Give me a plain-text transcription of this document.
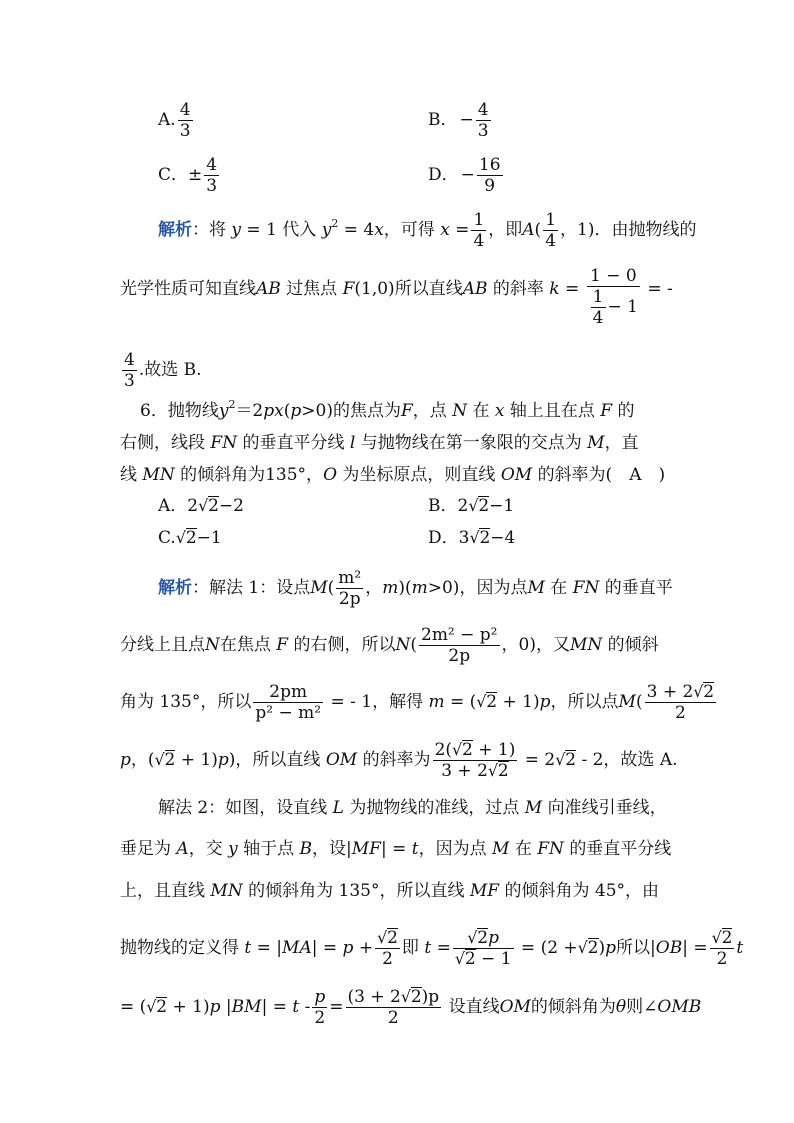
A. $\frac{4}{3}$	B． − $\frac{4}{3}$
C．± $\frac{4}{3}$	D． − $\frac{16}{9}$
解析：将 y = 1 代入 $y^2 = 4x$，可得 $x = \frac{1}{4}$ ，即$A( \frac{1}{4}$ ，1)．由抛物线的
光学性质可知直线AB 过焦点 F(1,0)所以直线AB 的斜率 $k = \frac{1 - 0}{\frac{1}{4} - 1}$ = -
$\frac{4}{3}$ .故选 B.
6．抛物线$y^2=2px(p>0)$的焦点为F，点 N 在 x 轴上且在点 F 的
右侧，线段 FN 的垂直平分线 l 与抛物线在第一象限的交点为 M，直
线 MN 的倾斜角为135°，O 为坐标原点，则直线 OM 的斜率为(　A　)
A．2√ 2−2	B．2√ 2−1
C.√ 2−1	D．3√ 2−4
解析：解法 1：设点$M( \frac{\text{m²}}{2p}$ ，m)(m>0)，因为点M 在 FN 的垂直平
分线上且点N在焦点 F 的右侧，所以$N( \frac{\text{2m² − p²}}{2p}$ ，0)，又MN 的倾斜
角为 135°，所以 $\frac{2pm}{\text{p² − m²}}$ = - 1，解得 m = (√ 2 + 1)p，所以点$M( \frac{3 + 2√ 2}{2}$
p，(√ 2 + 1)p)，所以直线 OM 的斜率为 $\frac{2(√ 2 + 1)}{3 + 2√ 2} = 2√$ 2 - 2，故选 A.
解法 2：如图，设直线 L 为抛物线的准线，过点 M 向准线引垂线，
垂足为 A，交 y 轴于点 B，设|MF| = t，因为点 M 在 FN 的垂直平分线
上，且直线 MN 的倾斜角为 135°，所以直线 MF 的倾斜角为 45°，由
抛物线的定义得 t = |MA| = p +
√ $\frac{2}{2}$ 即 t =
√ 2p
√ 2 − 1 = (2 +√ 2)p所以|OB| =
√ $\frac{2}{2}$ t
= (√ 2 + 1)p $|BM| = t - \frac{p}{2} = \frac{(3 + 2√ 2)p}{2}$ 设直线OM的倾斜角为θ则∠OMB
